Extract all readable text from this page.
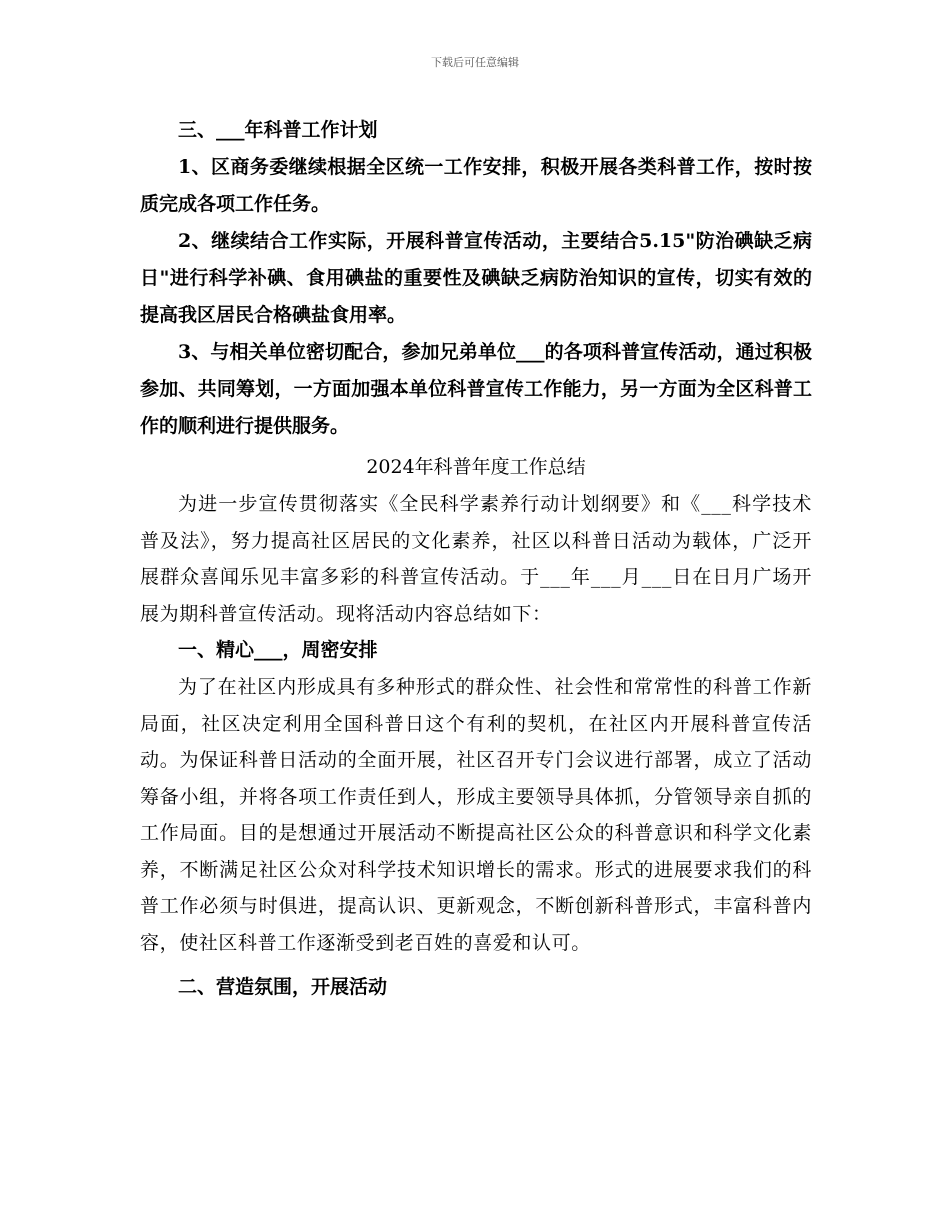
下载后可任意编辑

三、___年科普工作计划

1、区商务委继续根据全区统一工作安排，积极开展各类科普工作，按时按质完成各项工作任务。

2、继续结合工作实际，开展科普宣传活动，主要结合5.15"防治碘缺乏病日"进行科学补碘、食用碘盐的重要性及碘缺乏病防治知识的宣传，切实有效的提高我区居民合格碘盐食用率。

3、与相关单位密切配合，参加兄弟单位___的各项科普宣传活动，通过积极参加、共同筹划，一方面加强本单位科普宣传工作能力，另一方面为全区科普工作的顺利进行提供服务。

2024年科普年度工作总结

为进一步宣传贯彻落实《全民科学素养行动计划纲要》和《___科学技术普及法》，努力提高社区居民的文化素养，社区以科普日活动为载体，广泛开展群众喜闻乐见丰富多彩的科普宣传活动。于___年___月___日在日月广场开展为期科普宣传活动。现将活动内容总结如下：

一、精心___，周密安排

为了在社区内形成具有多种形式的群众性、社会性和常常性的科普工作新局面，社区决定利用全国科普日这个有利的契机，在社区内开展科普宣传活动。为保证科普日活动的全面开展，社区召开专门会议进行部署，成立了活动筹备小组，并将各项工作责任到人，形成主要领导具体抓，分管领导亲自抓的工作局面。目的是想通过开展活动不断提高社区公众的科普意识和科学文化素养，不断满足社区公众对科学技术知识增长的需求。形式的进展要求我们的科普工作必须与时俱进，提高认识、更新观念，不断创新科普形式，丰富科普内容，使社区科普工作逐渐受到老百姓的喜爱和认可。

二、营造氛围，开展活动
